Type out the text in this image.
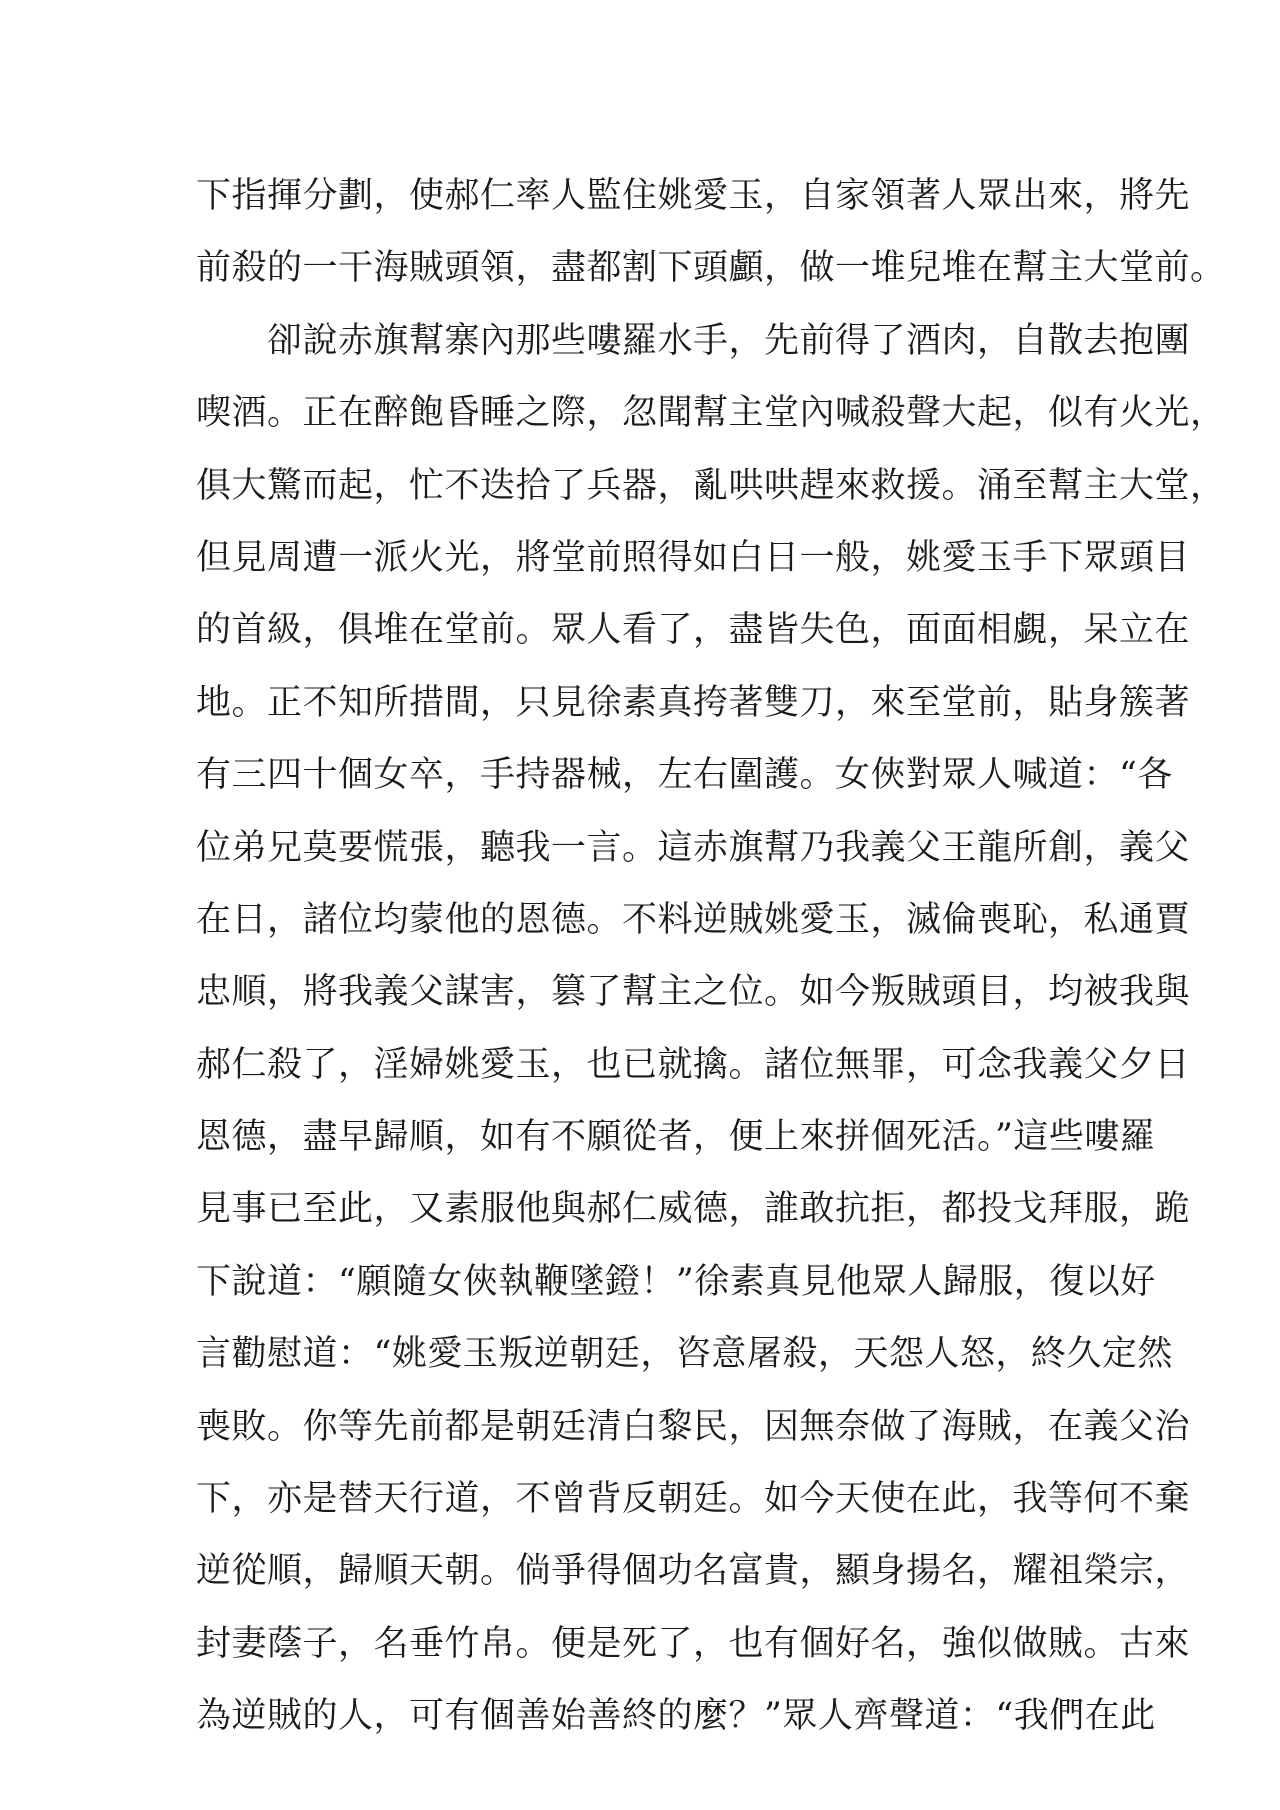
下指揮分劃，使郝仁率人監住姚愛玉，自家領著人眾出來，將先
前殺的一干海賊頭領，盡都割下頭顱，做一堆兒堆在幫主大堂前。
　　卻說赤旗幫寨內那些嘍羅水手，先前得了酒肉，自散去抱團
喫酒。正在醉飽昏睡之際，忽聞幫主堂內喊殺聲大起，似有火光，
俱大驚而起，忙不迭拾了兵器，亂哄哄趕來救援。涌至幫主大堂，
但見周遭一派火光，將堂前照得如白日一般，姚愛玉手下眾頭目
的首級，俱堆在堂前。眾人看了，盡皆失色，面面相覷，呆立在
地。正不知所措間，只見徐素真挎著雙刀，來至堂前，貼身簇著
有三四十個女卒，手持器械，左右圍護。女俠對眾人喊道：“各
位弟兄莫要慌張，聽我一言。這赤旗幫乃我義父王龍所創，義父
在日，諸位均蒙他的恩德。不料逆賊姚愛玉，滅倫喪恥，私通賈
忠順，將我義父謀害，篡了幫主之位。如今叛賊頭目，均被我與
郝仁殺了，淫婦姚愛玉，也已就擒。諸位無罪，可念我義父夕日
恩德，盡早歸順，如有不願從者，便上來拼個死活。”這些嘍羅
見事已至此，又素服他與郝仁威德，誰敢抗拒，都投戈拜服，跪
下說道：“願隨女俠執鞭墜鐙！”徐素真見他眾人歸服，復以好
言勸慰道：“姚愛玉叛逆朝廷，咨意屠殺，天怨人怒，終久定然
喪敗。你等先前都是朝廷清白黎民，因無奈做了海賊，在義父治
下，亦是替天行道，不曾背反朝廷。如今天使在此，我等何不棄
逆從順，歸順天朝。倘爭得個功名富貴，顯身揚名，耀祖榮宗，
封妻蔭子，名垂竹帛。便是死了，也有個好名，強似做賊。古來
為逆賊的人，可有個善始善終的麼？”眾人齊聲道：“我們在此
